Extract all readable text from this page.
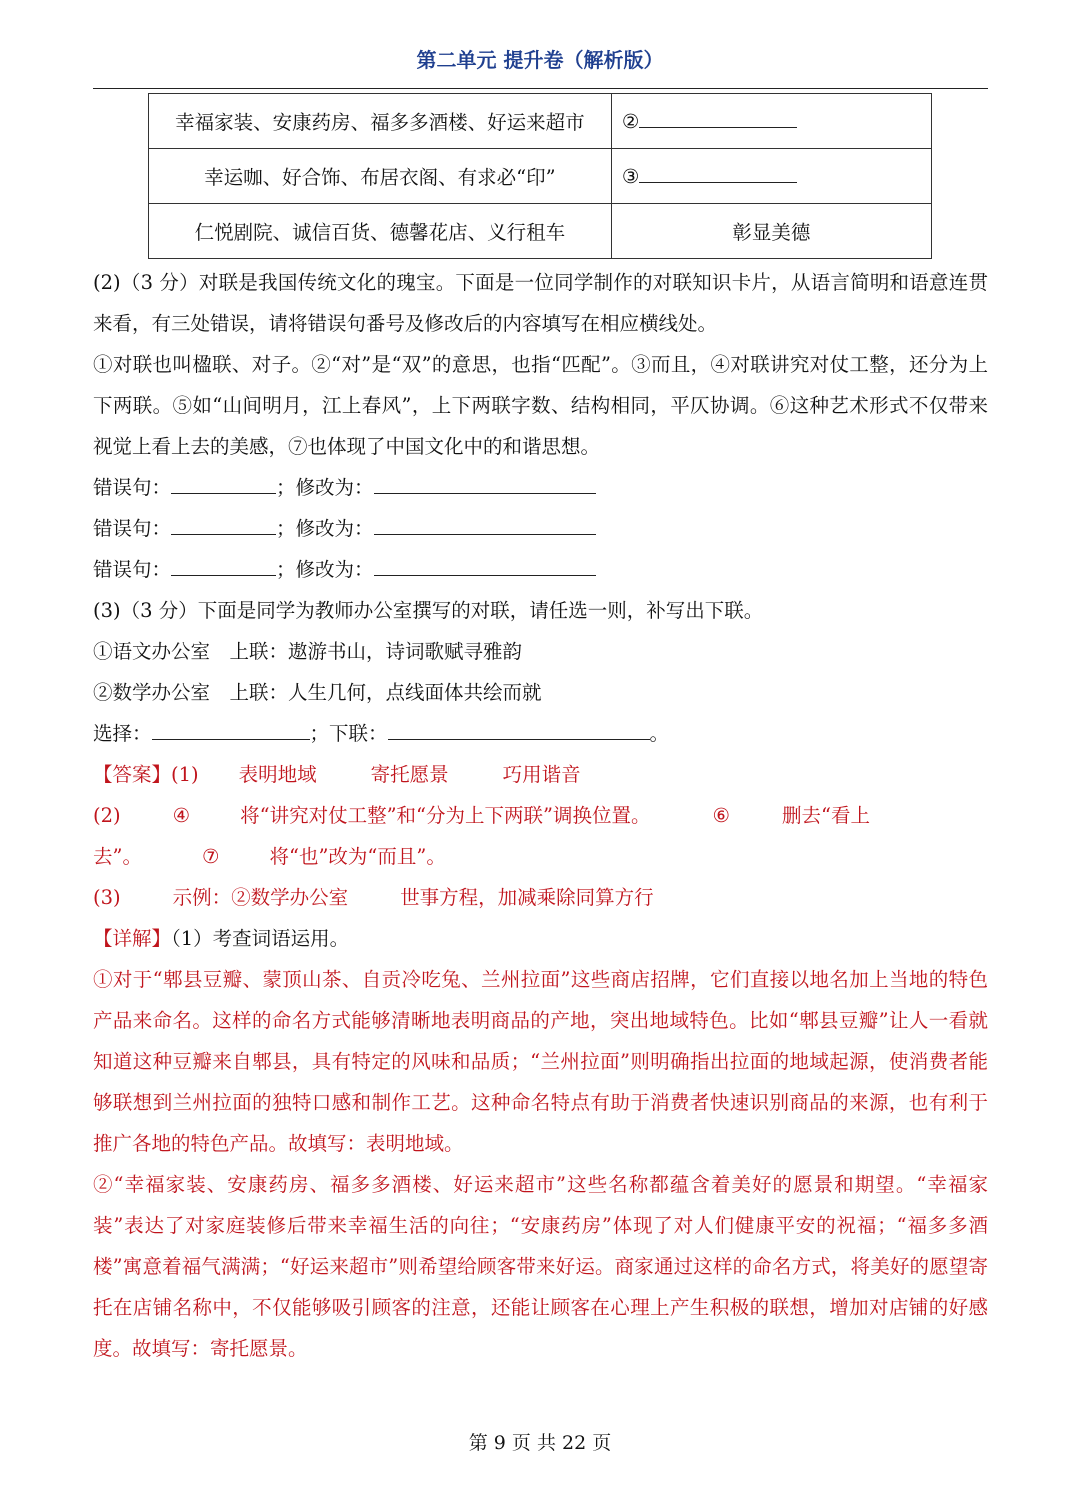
第二单元 提升卷（解析版）
幸福家装、安康药房、福多多酒楼、好运来超市	②
幸运咖、好合饰、布居衣阁、有求必“印”	③
仁悦剧院、诚信百货、德馨花店、义行租车	彰显美德

(2)（3 分）对联是我国传统文化的瑰宝。下面是一位同学制作的对联知识卡片，从语言简明和语意连贯来看，有三处错误，请将错误句番号及修改后的内容填写在相应横线处。

①对联也叫楹联、对子。②“对”是“双”的意思，也指“匹配”。③而且，④对联讲究对仗工整，还分为上下两联。⑤如“山间明月，江上春风”，上下两联字数、结构相同，平仄协调。⑥这种艺术形式不仅带来视觉上看上去的美感，⑦也体现了中国文化中的和谐思想。

错误句：	；修改为：

错误句：	；修改为：

错误句：	；修改为：

(3)（3 分）下面是同学为教师办公室撰写的对联，请任选一则，补写出下联。

①语文办公室　上联：遨游书山，诗词歌赋寻雅韵

②数学办公室　上联：人生几何，点线面体共绘而就

选择：	；下联：	。

【答案】(1) 表明地域	寄托愿景	巧用谐音

(2)	④	将“讲究对仗工整”和“分为上下两联”调换位置。	⑥	删去“看上

去”。	⑦	将“也”改为“而且”。

(3)	示例：②数学办公室	世事方程，加减乘除同算方行

【详解】（1）考查词语运用。

①对于“郫县豆瓣、蒙顶山茶、自贡冷吃兔、兰州拉面”这些商店招牌，它们直接以地名加上当地的特色产品来命名。这样的命名方式能够清晰地表明商品的产地，突出地域特色。比如“郫县豆瓣”让人一看就知道这种豆瓣来自郫县，具有特定的风味和品质；“兰州拉面”则明确指出拉面的地域起源，使消费者能够联想到兰州拉面的独特口感和制作工艺。这种命名特点有助于消费者快速识别商品的来源，也有利于推广各地的特色产品。故填写：表明地域。

②“幸福家装、安康药房、福多多酒楼、好运来超市”这些名称都蕴含着美好的愿景和期望。“幸福家装”表达了对家庭装修后带来幸福生活的向往；“安康药房”体现了对人们健康平安的祝福；“福多多酒楼”寓意着福气满满；“好运来超市”则希望给顾客带来好运。商家通过这样的命名方式，将美好的愿望寄托在店铺名称中，不仅能够吸引顾客的注意，还能让顾客在心理上产生积极的联想，增加对店铺的好感度。故填写：寄托愿景。

第 9 页 共 22 页
